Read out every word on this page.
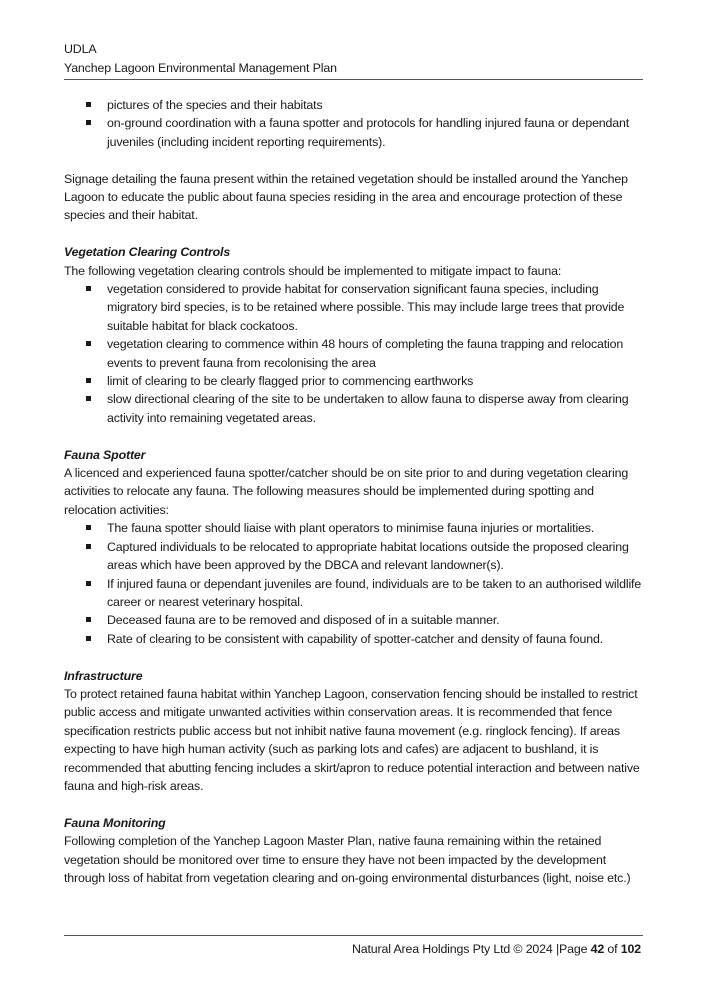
UDLA
Yanchep Lagoon Environmental Management Plan
pictures of the species and their habitats
on-ground coordination with a fauna spotter and protocols for handling injured fauna or dependant juveniles (including incident reporting requirements).

Signage detailing the fauna present within the retained vegetation should be installed around the Yanchep Lagoon to educate the public about fauna species residing in the area and encourage protection of these species and their habitat.

Vegetation Clearing Controls

The following vegetation clearing controls should be implemented to mitigate impact to fauna:

vegetation considered to provide habitat for conservation significant fauna species, including migratory bird species, is to be retained where possible. This may include large trees that provide suitable habitat for black cockatoos.
vegetation clearing to commence within 48 hours of completing the fauna trapping and relocation events to prevent fauna from recolonising the area
limit of clearing to be clearly flagged prior to commencing earthworks
slow directional clearing of the site to be undertaken to allow fauna to disperse away from clearing activity into remaining vegetated areas.
Fauna Spotter

A licenced and experienced fauna spotter/catcher should be on site prior to and during vegetation clearing activities to relocate any fauna. The following measures should be implemented during spotting and relocation activities:

The fauna spotter should liaise with plant operators to minimise fauna injuries or mortalities.
Captured individuals to be relocated to appropriate habitat locations outside the proposed clearing areas which have been approved by the DBCA and relevant landowner(s).
If injured fauna or dependant juveniles are found, individuals are to be taken to an authorised wildlife career or nearest veterinary hospital.
Deceased fauna are to be removed and disposed of in a suitable manner.
Rate of clearing to be consistent with capability of spotter-catcher and density of fauna found.
Infrastructure

To protect retained fauna habitat within Yanchep Lagoon, conservation fencing should be installed to restrict public access and mitigate unwanted activities within conservation areas. It is recommended that fence specification restricts public access but not inhibit native fauna movement (e.g. ringlock fencing). If areas expecting to have high human activity (such as parking lots and cafes) are adjacent to bushland, it is recommended that abutting fencing includes a skirt/apron to reduce potential interaction and between native fauna and high-risk areas.

Fauna Monitoring

Following completion of the Yanchep Lagoon Master Plan, native fauna remaining within the retained vegetation should be monitored over time to ensure they have not been impacted by the development through loss of habitat from vegetation clearing and on-going environmental disturbances (light, noise etc.)

Natural Area Holdings Pty Ltd © 2024 |Page 42 of 102
